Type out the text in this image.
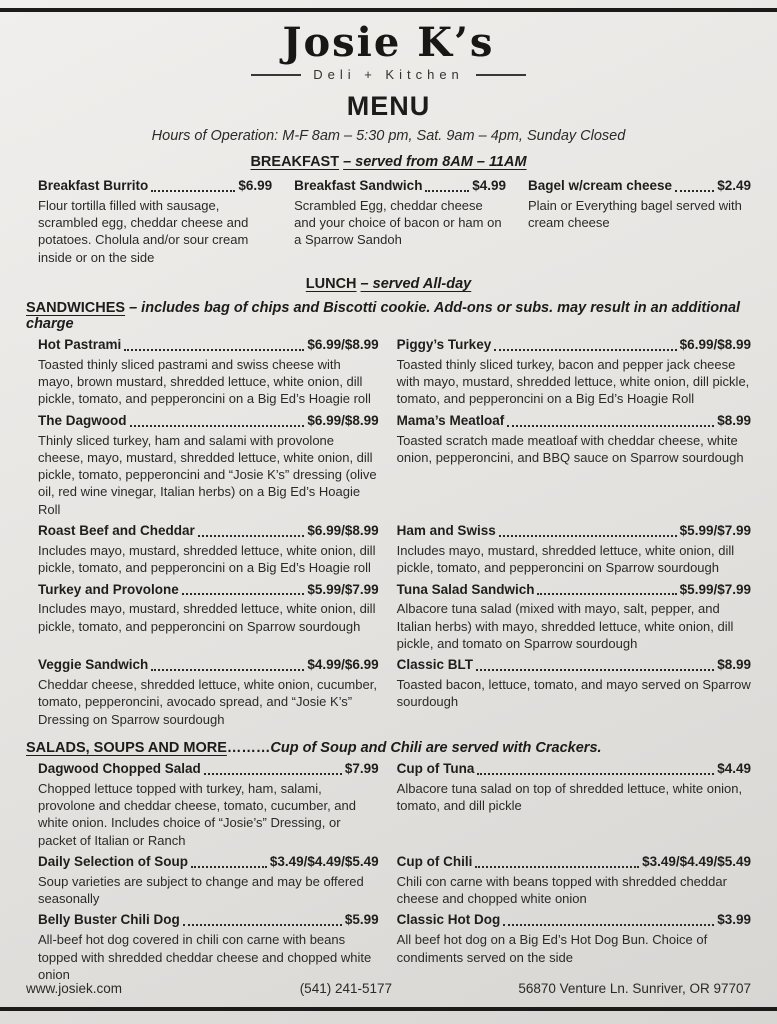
Josie K’s
Deli + Kitchen
MENU
Hours of Operation: M-F 8am – 5:30 pm, Sat. 9am – 4pm, Sunday Closed
BREAKFAST – served from 8AM – 11AM
Breakfast Burrito	$6.99
Flour tortilla filled with sausage, scrambled egg, cheddar cheese and potatoes. Cholula and/or sour cream inside or on the side
Breakfast Sandwich	$4.99
Scrambled Egg, cheddar cheese and your choice of bacon or ham on a Sparrow Sandoh
Bagel w/cream cheese	$2.49
Plain or Everything bagel served with cream cheese
LUNCH – served All-day
SANDWICHES – includes bag of chips and Biscotti cookie. Add-ons or subs. may result in an additional charge
Hot Pastrami	$6.99/$8.99
Toasted thinly sliced pastrami and swiss cheese with mayo, brown mustard, shredded lettuce, white onion, dill pickle, tomato, and pepperoncini on a Big Ed’s Hoagie roll
Piggy’s Turkey	$6.99/$8.99
Toasted thinly sliced turkey, bacon and pepper jack cheese with mayo, mustard, shredded lettuce, white onion, dill pickle, tomato, and pepperoncini on a Big Ed’s Hoagie Roll
The Dagwood	$6.99/$8.99
Thinly sliced turkey, ham and salami with provolone cheese, mayo, mustard, shredded lettuce, white onion, dill pickle, tomato, pepperoncini and “Josie K’s” dressing (olive oil, red wine vinegar, Italian herbs) on a Big Ed’s Hoagie Roll
Mama’s Meatloaf	$8.99
Toasted scratch made meatloaf with cheddar cheese, white onion, pepperoncini, and BBQ sauce on Sparrow sourdough
Roast Beef and Cheddar	$6.99/$8.99
Includes mayo, mustard, shredded lettuce, white onion, dill pickle, tomato, and pepperoncini on a Big Ed’s Hoagie roll
Ham and Swiss	$5.99/$7.99
Includes mayo, mustard, shredded lettuce, white onion, dill pickle, tomato, and pepperoncini on Sparrow sourdough
Turkey and Provolone	$5.99/$7.99
Includes mayo, mustard, shredded lettuce, white onion, dill pickle, tomato, and pepperoncini on Sparrow sourdough
Tuna Salad Sandwich	$5.99/$7.99
Albacore tuna salad (mixed with mayo, salt, pepper, and Italian herbs) with mayo, shredded lettuce, white onion, dill pickle, and tomato on Sparrow sourdough
Veggie Sandwich	$4.99/$6.99
Cheddar cheese, shredded lettuce, white onion, cucumber, tomato, pepperoncini, avocado spread, and “Josie K’s” Dressing on Sparrow sourdough
Classic BLT	$8.99
Toasted bacon, lettuce, tomato, and mayo served on Sparrow sourdough
SALADS, SOUPS AND MORE………Cup of Soup and Chili are served with Crackers.
Dagwood Chopped Salad	$7.99
Chopped lettuce topped with turkey, ham, salami, provolone and cheddar cheese, tomato, cucumber, and white onion. Includes choice of “Josie’s” Dressing, or packet of Italian or Ranch
Cup of Tuna	$4.49
Albacore tuna salad on top of shredded lettuce, white onion, tomato, and dill pickle
Daily Selection of Soup	$3.49/$4.49/$5.49
Soup varieties are subject to change and may be offered seasonally
Cup of Chili	$3.49/$4.49/$5.49
Chili con carne with beans topped with shredded cheddar cheese and chopped white onion
Belly Buster Chili Dog	$5.99
All-beef hot dog covered in chili con carne with beans topped with shredded cheddar cheese and chopped white onion
Classic Hot Dog	$3.99
All beef hot dog on a Big Ed’s Hot Dog Bun. Choice of condiments served on the side
www.josiek.com	(541) 241-5177	56870 Venture Ln. Sunriver, OR 97707
